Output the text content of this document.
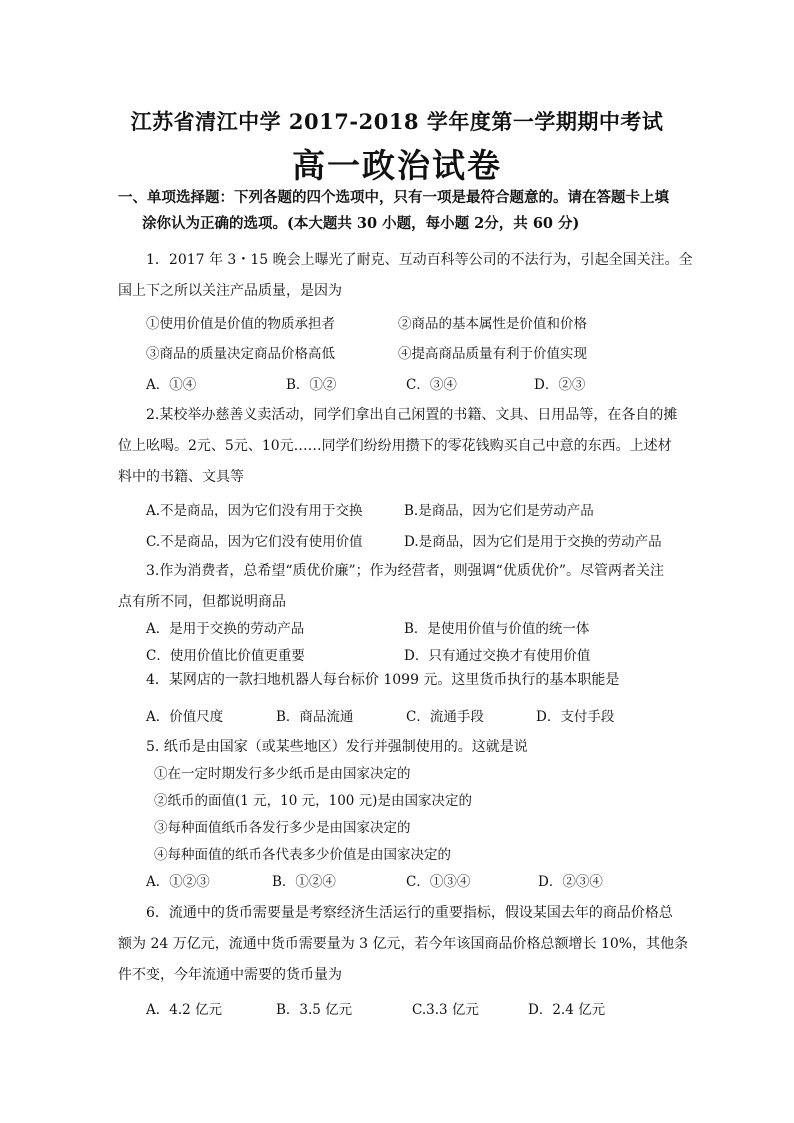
江苏省清江中学 2017-2018 学年度第一学期期中考试
高一政治试卷
一、单项选择题：下列各题的四个选项中，只有一项是最符合题意的。请在答题卡上填
涂你认为正确的选项。(本大题共 30 小题，每小题 2分，共 60 分)
1．2017 年 3・15 晚会上曝光了耐克、互动百科等公司的不法行为，引起全国关注。全
国上下之所以关注产品质量，是因为
①使用价值是价值的物质承担者	②商品的基本属性是价值和价格
③商品的质量决定商品价格高低	④提高商品质量有利于价值实现
A．①④	B．①②	C．③④	D．②③
2.某校举办慈善义卖活动，同学们拿出自己闲置的书籍、文具、日用品等，在各自的摊
位上吆喝。2元、5元、10元……同学们纷纷用攒下的零花钱购买自己中意的东西。上述材
料中的书籍、文具等
A.不是商品，因为它们没有用于交换	B.是商品，因为它们是劳动产品
C.不是商品，因为它们没有使用价值	D.是商品，因为它们是用于交换的劳动产品
3.作为消费者，总希望“质优价廉”；作为经营者，则强调“优质优价”。尽管两者关注
点有所不同，但都说明商品
A．是用于交换的劳动产品	B．是使用价值与价值的统一体
C．使用价值比价值更重要	D．只有通过交换才有使用价值
4．某网店的一款扫地机器人每台标价 1099 元。这里货币执行的基本职能是
A．价值尺度	B．商品流通	C．流通手段	D．支付手段
5. 纸币是由国家（或某些地区）发行并强制使用的。这就是说
①在一定时期发行多少纸币是由国家决定的
②纸币的面值(1 元，10 元，100 元)是由国家决定的
③每种面值纸币各发行多少是由国家决定的
④每种面值的纸币各代表多少价值是由国家决定的
A．①②③	B．①②④	C．①③④	D．②③④
6．流通中的货币需要量是考察经济生活运行的重要指标，假设某国去年的商品价格总
额为 24 万亿元，流通中货币需要量为 3 亿元，若今年该国商品价格总额增长 10%，其他条
件不变，今年流通中需要的货币量为
A．4.2 亿元	B．3.5 亿元	C.3.3 亿元	D．2.4 亿元
